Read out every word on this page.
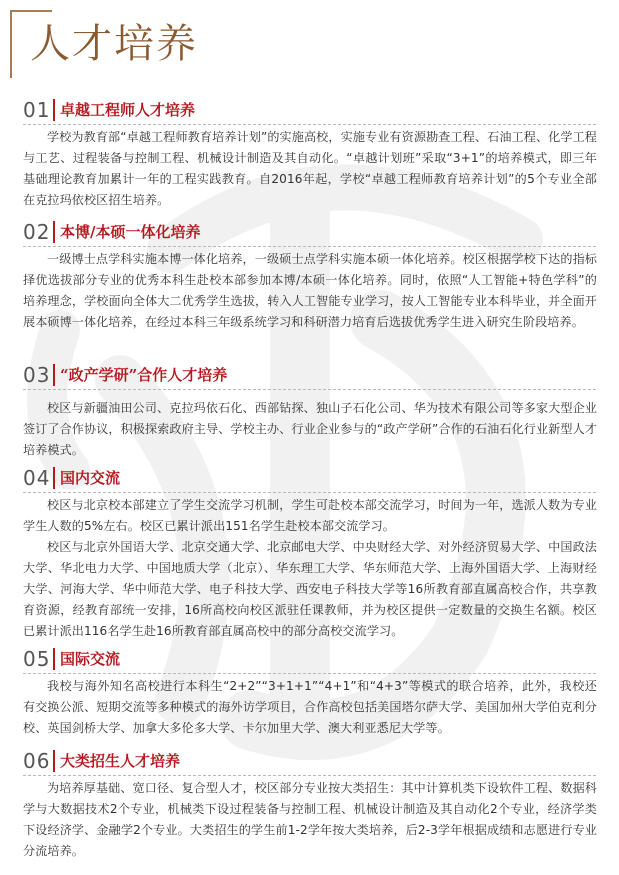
人才培养
01 卓越工程师人才培养

学校为教育部“卓越工程师教育培养计划”的实施高校，实施专业有资源勘查工程、石油工程、化学工程与工艺、过程装备与控制工程、机械设计制造及其自动化。“卓越计划班”采取“3+1”的培养模式，即三年基础理论教育加累计一年的工程实践教育。自2016年起，学校“卓越工程师教育培养计划”的5个专业全部在克拉玛依校区招生培养。

02 本博/本硕一体化培养

一级博士点学科实施本博一体化培养，一级硕士点学科实施本硕一体化培养。校区根据学校下达的指标择优选拔部分专业的优秀本科生赴校本部参加本博/本硕一体化培养。同时，依照“人工智能+特色学科”的培养理念，学校面向全体大二优秀学生选拔，转入人工智能专业学习，按人工智能专业本科毕业，并全面开展本硕博一体化培养，在经过本科三年级系统学习和科研潜力培育后选拔优秀学生进入研究生阶段培养。

03 “政产学研”合作人才培养

校区与新疆油田公司、克拉玛依石化、西部钻探、独山子石化公司、华为技术有限公司等多家大型企业签订了合作协议，积极探索政府主导、学校主办、行业企业参与的“政产学研”合作的石油石化行业新型人才培养模式。

04 国内交流

校区与北京校本部建立了学生交流学习机制，学生可赴校本部交流学习，时间为一年，选派人数为专业学生人数的5%左右。校区已累计派出151名学生赴校本部交流学习。

校区与北京外国语大学、北京交通大学、北京邮电大学、中央财经大学、对外经济贸易大学、中国政法大学、华北电力大学、中国地质大学（北京）、华东理工大学、华东师范大学、上海外国语大学、上海财经大学、河海大学、华中师范大学、电子科技大学、西安电子科技大学等16所教育部直属高校合作，共享教育资源，经教育部统一安排，16所高校向校区派驻任课教师，并为校区提供一定数量的交换生名额。校区已累计派出116名学生赴16所教育部直属高校中的部分高校交流学习。

05 国际交流

我校与海外知名高校进行本科生“2+2”“3+1+1”“4+1”和“4+3”等模式的联合培养，此外，我校还有交换公派、短期交流等多种模式的海外访学项目，合作高校包括美国塔尔萨大学、美国加州大学伯克利分校、英国剑桥大学、加拿大多伦多大学、卡尔加里大学、澳大利亚悉尼大学等。

06 大类招生人才培养

为培养厚基础、宽口径、复合型人才，校区部分专业按大类招生：其中计算机类下设软件工程、数据科学与大数据技术2个专业，机械类下设过程装备与控制工程、机械设计制造及其自动化2个专业，经济学类下设经济学、金融学2个专业。大类招生的学生前1-2学年按大类培养，后2-3学年根据成绩和志愿进行专业分流培养。
